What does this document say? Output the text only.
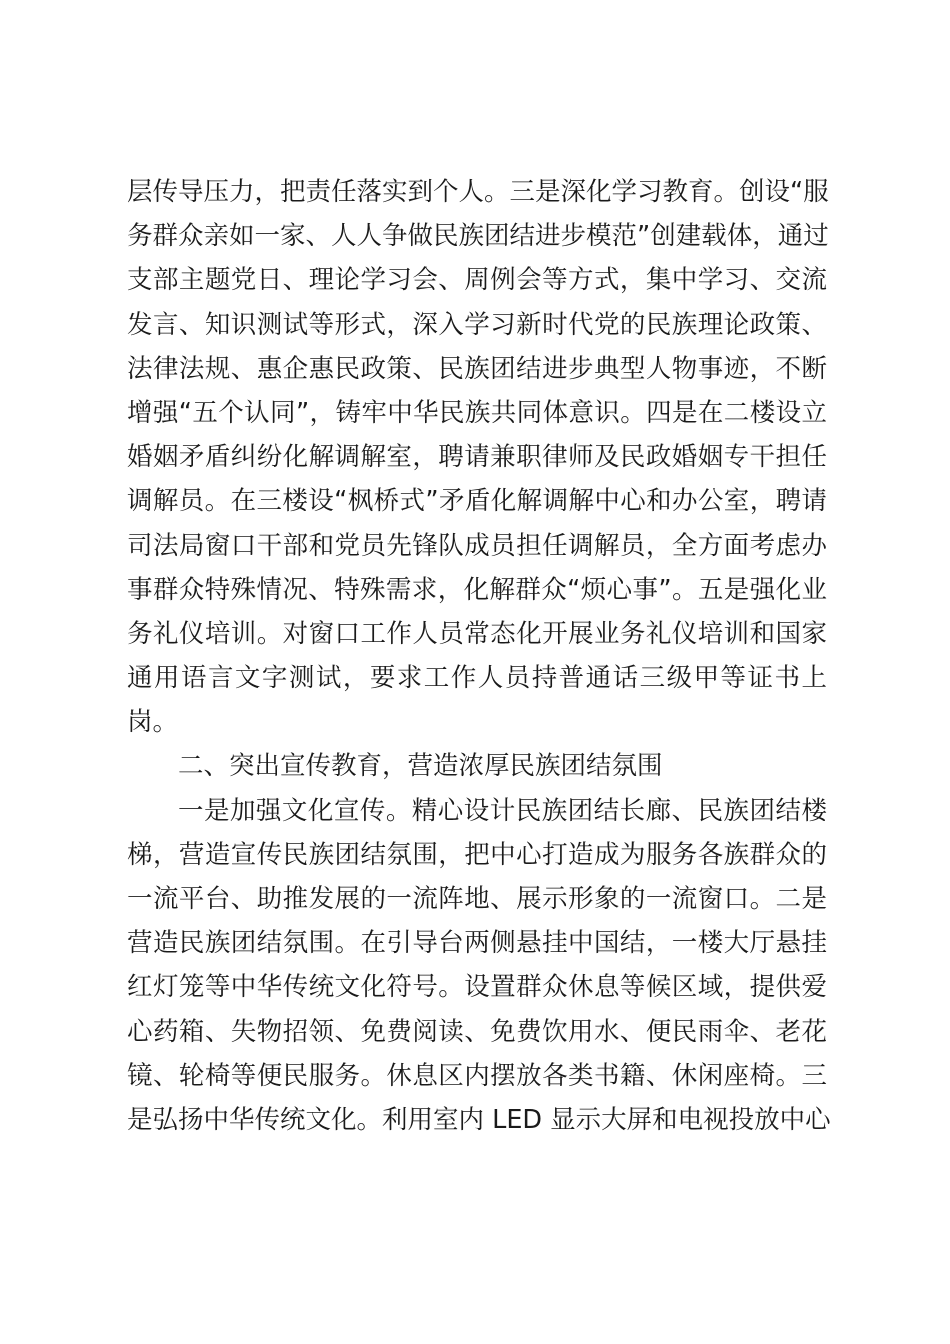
层传导压力，把责任落实到个人。三是深化学习教育。创设“服
务群众亲如一家、人人争做民族团结进步模范”创建载体，通过
支部主题党日、理论学习会、周例会等方式，集中学习、交流
发言、知识测试等形式，深入学习新时代党的民族理论政策、
法律法规、惠企惠民政策、民族团结进步典型人物事迹，不断
增强“五个认同”，铸牢中华民族共同体意识。四是在二楼设立
婚姻矛盾纠纷化解调解室，聘请兼职律师及民政婚姻专干担任
调解员。在三楼设“枫桥式”矛盾化解调解中心和办公室，聘请
司法局窗口干部和党员先锋队成员担任调解员，全方面考虑办
事群众特殊情况、特殊需求，化解群众“烦心事”。五是强化业
务礼仪培训。对窗口工作人员常态化开展业务礼仪培训和国家
通用语言文字测试，要求工作人员持普通话三级甲等证书上
岗。
二、突出宣传教育，营造浓厚民族团结氛围
一是加强文化宣传。精心设计民族团结长廊、民族团结楼
梯，营造宣传民族团结氛围，把中心打造成为服务各族群众的
一流平台、助推发展的一流阵地、展示形象的一流窗口。二是
营造民族团结氛围。在引导台两侧悬挂中国结，一楼大厅悬挂
红灯笼等中华传统文化符号。设置群众休息等候区域，提供爱
心药箱、失物招领、免费阅读、免费饮用水、便民雨伞、老花
镜、轮椅等便民服务。休息区内摆放各类书籍、休闲座椅。三
是弘扬中华传统文化。利用室内 LED 显示大屏和电视投放中心
